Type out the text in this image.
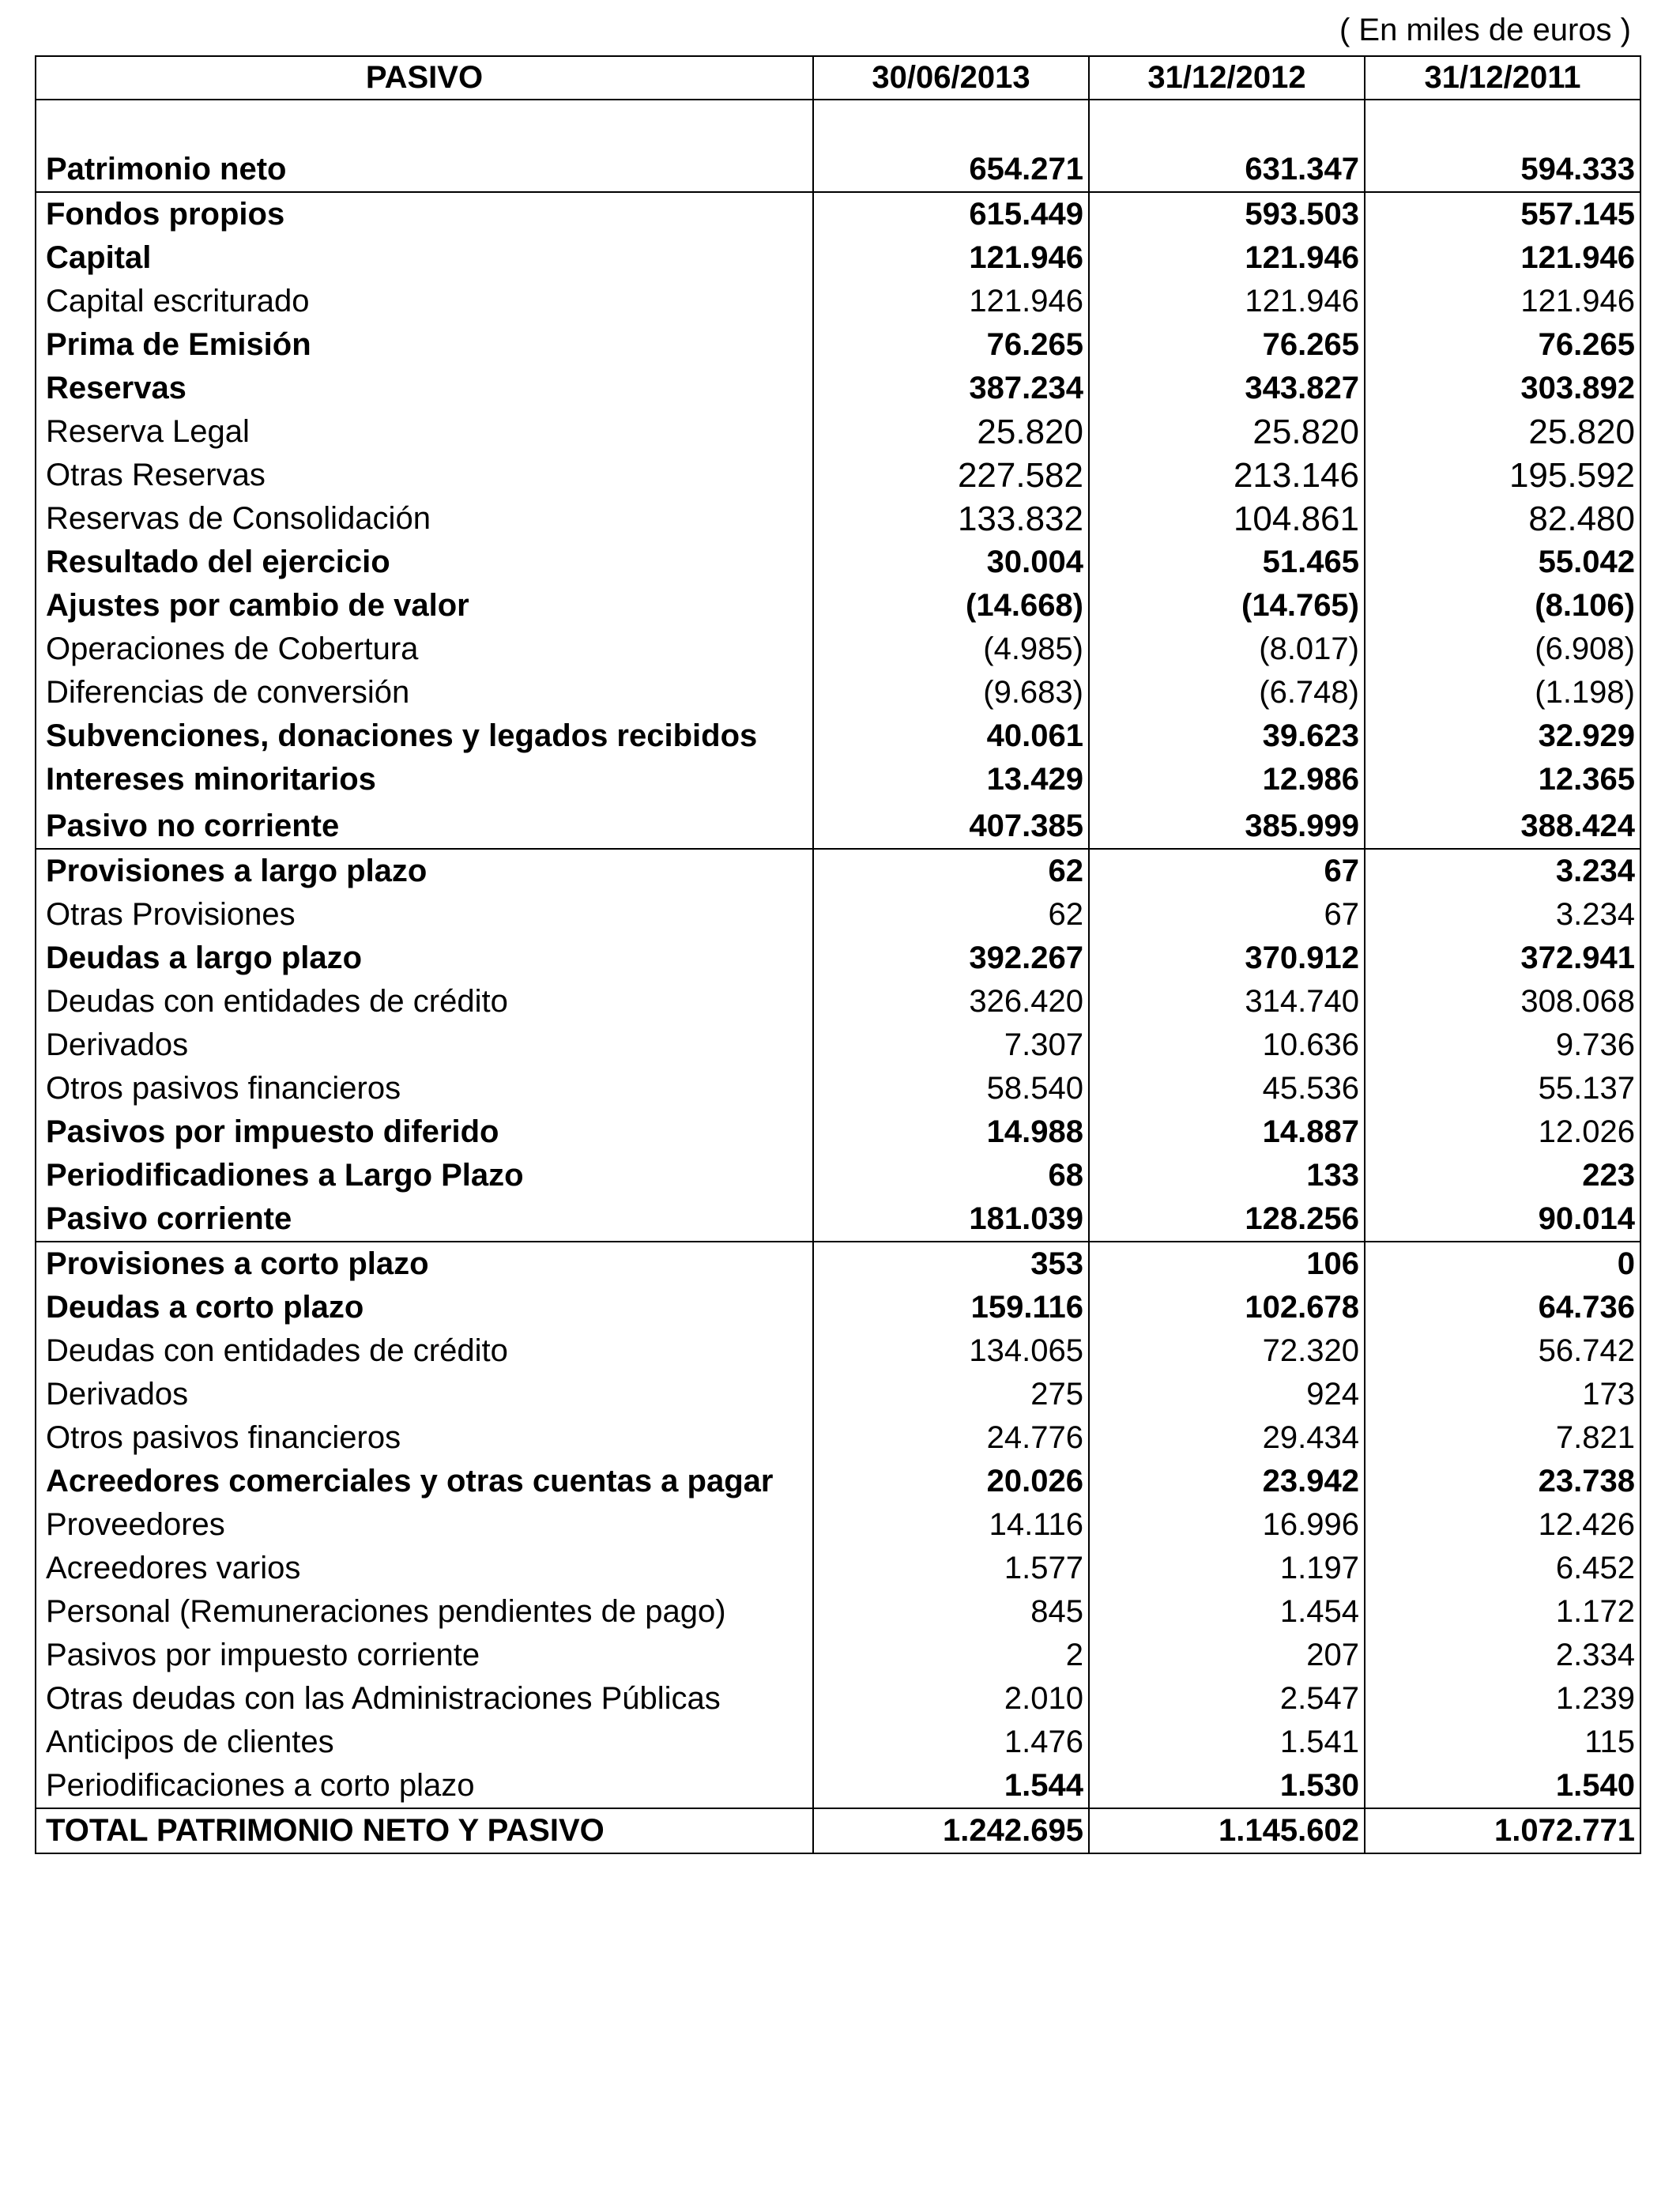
( En miles de euros )
PASIVO	30/06/2013	31/12/2012	31/12/2011

Patrimonio neto	654.271	631.347	594.333
Fondos propios	615.449	593.503	557.145
Capital	121.946	121.946	121.946
Capital escriturado	121.946	121.946	121.946
Prima de Emisión	76.265	76.265	76.265
Reservas	387.234	343.827	303.892
Reserva Legal	25.820	25.820	25.820
Otras Reservas	227.582	213.146	195.592
Reservas de Consolidación	133.832	104.861	82.480
Resultado del ejercicio	30.004	51.465	55.042
Ajustes por cambio de valor	(14.668)	(14.765)	(8.106)
Operaciones de Cobertura	(4.985)	(8.017)	(6.908)
Diferencias de conversión	(9.683)	(6.748)	(1.198)
Subvenciones, donaciones y legados recibidos	40.061	39.623	32.929
Intereses minoritarios	13.429	12.986	12.365
Pasivo no corriente	407.385	385.999	388.424
Provisiones a largo plazo	62	67	3.234
Otras Provisiones	62	67	3.234
Deudas a largo plazo	392.267	370.912	372.941
Deudas con entidades de crédito	326.420	314.740	308.068
Derivados	7.307	10.636	9.736
Otros pasivos financieros	58.540	45.536	55.137
Pasivos por impuesto diferido	14.988	14.887	12.026
Periodificadiones a Largo Plazo	68	133	223
Pasivo corriente	181.039	128.256	90.014
Provisiones a corto plazo	353	106	0
Deudas a corto plazo	159.116	102.678	64.736
Deudas con entidades de crédito	134.065	72.320	56.742
Derivados	275	924	173
Otros pasivos financieros	24.776	29.434	7.821
Acreedores comerciales y otras cuentas a pagar	20.026	23.942	23.738
Proveedores	14.116	16.996	12.426
Acreedores varios	1.577	1.197	6.452
Personal (Remuneraciones pendientes de pago)	845	1.454	1.172
Pasivos por impuesto corriente	2	207	2.334
Otras deudas con las Administraciones Públicas	2.010	2.547	1.239
Anticipos de clientes	1.476	1.541	115
Periodificaciones a corto plazo	1.544	1.530	1.540
TOTAL PATRIMONIO NETO Y PASIVO	1.242.695	1.145.602	1.072.771
